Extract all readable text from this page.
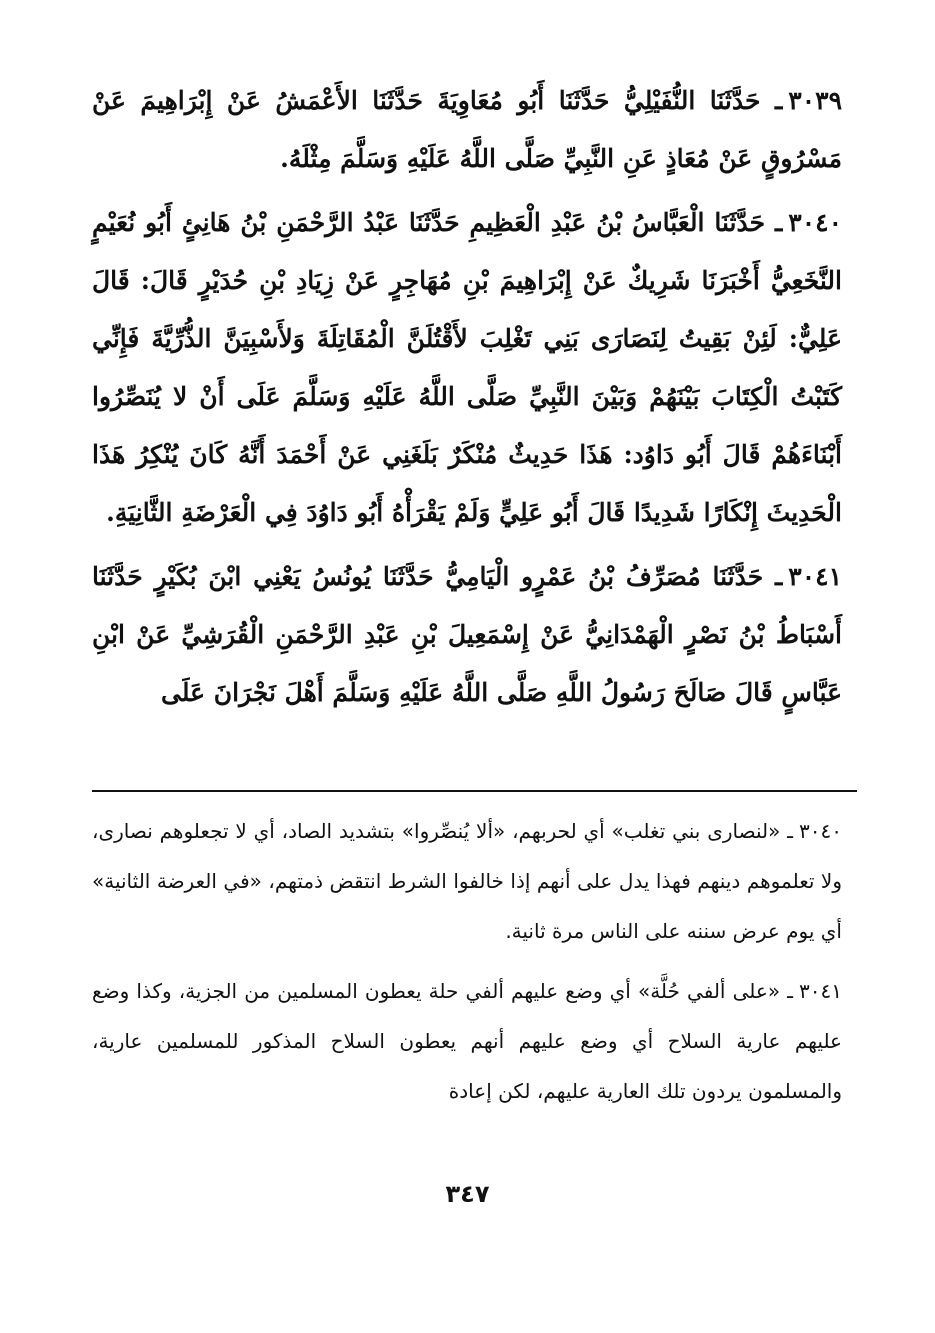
٣٠٣٩ـ حَدَّثَنَا النُّفَيْلِيُّ حَدَّثَنَا أَبُو مُعَاوِيَةَ حَدَّثَنَا الأَعْمَشُ عَنْ إِبْرَاهِيمَ عَنْ مَسْرُوقٍ عَنْ مُعَاذٍ عَنِ النَّبِيِّ صَلَّى اللَّهُ عَلَيْهِ وَسَلَّمَ مِثْلَهُ.

٣٠٤٠ـ حَدَّثَنَا الْعَبَّاسُ بْنُ عَبْدِ الْعَظِيمِ حَدَّثَنَا عَبْدُ الرَّحْمَنِ بْنُ هَانِئٍ أَبُو نُعَيْمٍ النَّخَعِيُّ أَخْبَرَنَا شَرِيكٌ عَنْ إِبْرَاهِيمَ بْنِ مُهَاجِرٍ عَنْ زِيَادِ بْنِ حُدَيْرٍ قَالَ: قَالَ عَلِيٌّ: لَئِنْ بَقِيتُ لِنَصَارَى بَنِي تَغْلِبَ لأَقْتُلَنَّ الْمُقَاتِلَةَ وَلأَسْبِيَنَّ الذُّرِّيَّةَ فَإِنِّي كَتَبْتُ الْكِتَابَ بَيْنَهُمْ وَبَيْنَ النَّبِيِّ صَلَّى اللَّهُ عَلَيْهِ وَسَلَّمَ عَلَى أَنْ لا يُنَصِّرُوا أَبْنَاءَهُمْ قَالَ أَبُو دَاوُد: هَذَا حَدِيثٌ مُنْكَرٌ بَلَغَنِي عَنْ أَحْمَدَ أَنَّهُ كَانَ يُنْكِرُ هَذَا الْحَدِيثَ إِنْكَارًا شَدِيدًا قَالَ أَبُو عَلِيٍّ وَلَمْ يَقْرَأْهُ أَبُو دَاوُدَ فِي الْعَرْضَةِ الثَّانِيَةِ.

٣٠٤١ـ حَدَّثَنَا مُصَرِّفُ بْنُ عَمْرٍو الْيَامِيُّ حَدَّثَنَا يُونُسُ يَعْنِي ابْنَ بُكَيْرٍ حَدَّثَنَا أَسْبَاطُ بْنُ نَصْرٍ الْهَمْدَانِيُّ عَنْ إِسْمَعِيلَ بْنِ عَبْدِ الرَّحْمَنِ الْقُرَشِيِّ عَنْ ابْنِ عَبَّاسٍ قَالَ صَالَحَ رَسُولُ اللَّهِ صَلَّى اللَّهُ عَلَيْهِ وَسَلَّمَ أَهْلَ نَجْرَانَ عَلَى

٣٠٤٠ـ «لنصارى بني تغلب» أي لحربهم، «ألا يُنصِّروا» بتشديد الصاد، أي لا تجعلوهم نصارى، ولا تعلموهم دينهم فهذا يدل على أنهم إذا خالفوا الشرط انتقض ذمتهم، «في العرضة الثانية» أي يوم عرض سننه على الناس مرة ثانية.

٣٠٤١ـ «على ألفي حُلَّة» أي وضع عليهم ألفي حلة يعطون المسلمين من الجزية، وكذا وضع عليهم عارية السلاح أي وضع عليهم أنهم يعطون السلاح المذكور للمسلمين عارية، والمسلمون يردون تلك العارية عليهم، لكن إعادة

٣٤٧
